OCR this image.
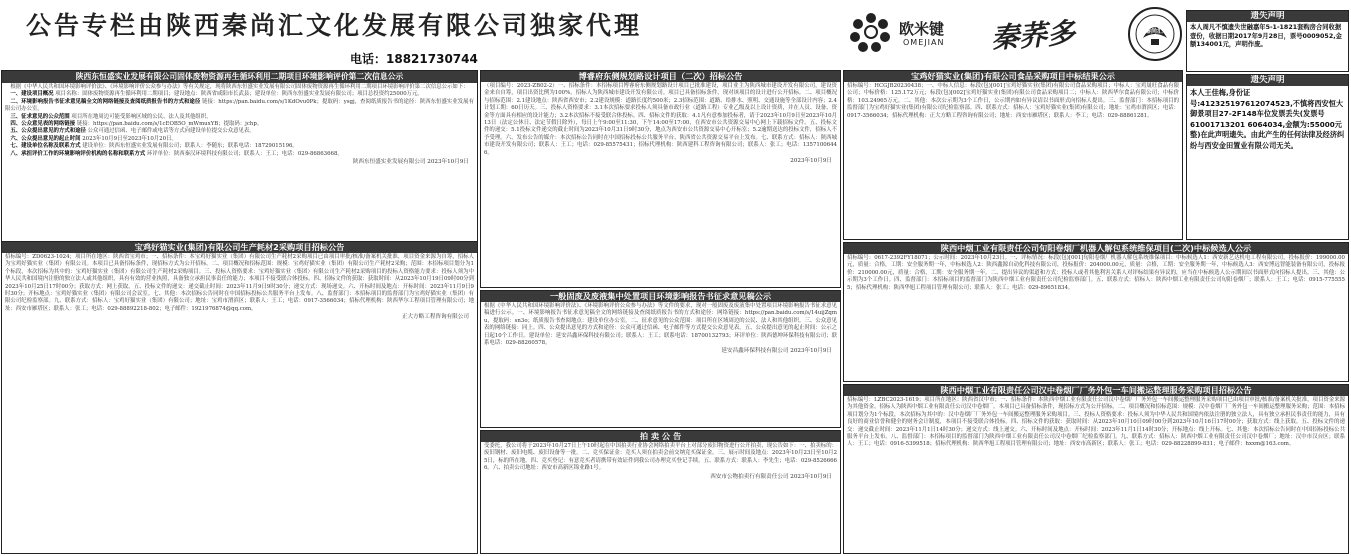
公告专栏由陕西秦尚汇文化发展有限公司独家代理
电话：18821730744
欧米键
OMEJIAN 秦荞多	秦尚汇
陕西东恒盛实业发展有限公司固体废物资源再生循环利用二期项目环境影响评价第二次信息公示

根据《中华人民共和国环境影响评价法》、《环境影响评价公众参与办法》等有关规定，现将陕西东恒盛实业发展有限公司固体废物资源再生循环利用二期项目环境影响评价第二次信息公示如下：

一、建设项目概况 项目名称：固体废物资源再生循环利用二期项目；建设地点：陕西省咸阳市长武县；建设单位：陕西东恒盛实业发展有限公司；项目总投资约25000万元。

二、环境影响报告书征求意见稿全文的网络链接及查阅纸质报告书的方式和途径 链接：https://pan.baidu.com/s/1KdOvu0Pk；提取码：ysgj，查阅纸质报告书的途径：陕西东恒盛实业发展有限公司办公室。

三、征求意见的公众范围 项目所在地周边可能受影响区域的公民、法人及其他组织。

四、公众意见表的网络链接 链接：https://pan.baidu.com/s/1cEOB5O_mWmuxYB；提取码：jchp。

五、公众提出意见的方式和途径 公众可通过信函、电子邮件或电话等方式向建设单位提交公众意见表。

六、公众提出意见的起止时间 2023年10月9日至2023年10月20日。

七、建设单位名称及联系方式 建设单位：陕西东恒盛实业发展有限公司；联系人：李随东；联系电话：18729015196。

八、承担评价工作的环境影响评价机构的名称和联系方式 环评单位：陕西秦汉环境科技有限公司；联系人：王工；电话：029-86863668。

陕西东恒盛实业发展有限公司 2023年10月9日
宝鸡好猫实业(集团)有限公司生产耗材2采购项目招标公告
招标编号：ZD0623-1024；项目所在地区：陕西省宝鸡市；一、招标条件：本宝鸡好猫实业（集团）有限公司生产耗材2采购项目已由项目审批/核准/备案机关批准，项目资金来源为自筹，招标人为宝鸡好猫实业（集团）有限公司。本项目已具备招标条件，现招标方式为公开招标。二、项目概况和招标范围：规模：宝鸡好猫实业（集团）有限公司生产耗材2采购；范围：本招标项目划分为1个标段，本次招标为其中的：宝鸡好猫实业（集团）有限公司生产耗材2采购项目。三、投标人资格要求：宝鸡好猫实业（集团）有限公司生产耗材2采购项目的投标人资格能力要求：投标人须为中华人民共和国境内注册的独立法人或其他组织，具有有效的营业执照，具备独立承担民事责任的能力；本项目不接受联合体投标。四、招标文件的获取：获取时间：从2023年10月19日09时00分到2023年10月25日17时00分；获取方式：网上获取。五、投标文件的递交：递交截止时间：2023年11月9日9时30分；递交方式：现场递交。六、开标时间及地点：开标时间：2023年11月9日9时30分；开标地点：宝鸡好猫实业（集团）有限公司会议室。七、其他：本次招标公告同时在中国招标投标公共服务平台上发布。八、监督部门：本招标项目的监督部门为宝鸡好猫实业（集团）有限公司纪检监察部。九、联系方式：招标人：宝鸡好猫实业（集团）有限公司；地址：宝鸡市渭滨区；联系人：王工；电话：0917-3566034；招标代理机构：陕西华尔工程项目管理有限公司；地址：西安市雁塔区；联系人：张工；电话：029-88892218-802；电子邮件：1921976874@qq.com。
正大方略工程咨询有限公司
博睿府东侧规划路设计项目（二次）招标公告
（项目编号：2023-ZB02-2）一、招标条件：本招标项目博睿府东侧规划路设计项目已批准建设，项目业主为陕西城市建设开发有限公司，建设资金来自自筹，项目出资比例为100%。招标人为陕西城市建设开发有限公司。项目已具备招标条件，现对该项目的设计进行公开招标。二、项目概况与招标范围：2.1建设地点：陕西省西安市；2.2建设规模：道路长度约500米；2.3招标范围：道路、给排水、照明、交通设施等全部设计内容；2.4计划工期：60日历天。三、投标人资格要求：3.1本次招标要求投标人须具备市政行业（道路工程）专业乙级及以上设计资质，并在人员、设备、资金等方面具有相应的设计能力；3.2本次招标不接受联合体投标。四、招标文件的获取：4.1凡有意参加投标者，请于2023年10月9日至2023年10月13日（法定公休日、法定节假日除外），每日上午9:00至11:30，下午14:00至17:00，在西安市公共资源交易中心网上下载招标文件。五、投标文件的递交：5.1投标文件递交的截止时间为2023年10月31日9时30分，地点为西安市公共资源交易中心开标室；5.2逾期送达的投标文件，招标人不予受理。六、发布公告的媒介：本次招标公告同时在中国招标投标公共服务平台、陕西省公共资源交易平台上发布。七、联系方式：招标人：陕西城市建设开发有限公司；联系人：王工；电话：029-85575431；招标代理机构：陕西建科工程咨询有限公司；联系人：张工；电话：13571006446。
2023年10月9日
一般固废及废液集中处置项目环境影响报告书征求意见稿公示
根据《中华人民共和国环境影响评价法》、《环境影响评价公众参与办法》等文件的要求，现对一般固废及废液集中处置项目环境影响报告书征求意见稿进行公示。一、环境影响报告书征求意见稿全文的网络链接及查阅纸质报告书的方式和途径：网络链接：https://pan.baidu.com/s/14uijZqmu，提取码：sn3o；纸质报告书查阅地点：建设单位办公室。二、征求意见的公众范围：项目所在区域周边的公民、法人和其他组织。三、公众意见表的网络链接：同上。四、公众提出意见的方式和途径：公众可通过信函、电子邮件等方式提交公众意见表。五、公众提出意见的起止时间：公示之日起10个工作日。建设单位：延安昌鑫环保科技有限公司；联系人：王工；联系电话：18700132793；环评单位：陕西德坤环保科技有限公司；联系电话：029-88260578。
延安昌鑫环保科技有限公司 2023年10月9日
拍 卖 公 告
受委托，我公司将于2023年10月27日上午10时起在中国拍卖行业协会网络拍卖平台上对部分废旧物资进行公开拍卖，现公告如下：一、拍卖标的：废旧钢材、废旧电缆、废旧设备等一批。二、竞买保证金：竞买人须在拍卖会前交纳竞买保证金。三、展示时间及地点：2023年10月23日至10月25日，标的所在地。四、竞买登记：有意竞买者请携带有效证件到我公司办理竞买登记手续。五、联系方式：联系人：李先生；电话：029-85266666。六、拍卖公司地址：西安市高新区锦业路1号。
西安市公物拍卖行有限责任公司 2023年10月9日
宝鸡好猫实业(集团)有限公司食品采购项目中标结果公示
招标编号：HCGJB20230438；一、中标人信息：标段(包)[001]宝鸡好猫实业(集团)有限公司食品采购项目；中标人：宝鸡晟旺食品有限公司；中标价格：125.172万元；标段(包)[002]宝鸡好猫实业(集团)有限公司食品采购项目二；中标人：陕西华尔食品有限公司；中标价格：103.24965万元。二、其他：本次公示期为3个工作日，公示期内如有异议请以书面形式向招标人提出。三、监督部门：本招标项目的监督部门为宝鸡好猫实业(集团)有限公司纪检监察部。四、联系方式：招标人：宝鸡好猫实业(集团)有限公司；地址：宝鸡市渭滨区；电话：0917-3566034；招标代理机构：正大方略工程咨询有限公司；地址：西安市雁塔区；联系人：李工；电话：029-88861281。
陕西中烟工业有限责任公司旬阳卷烟厂机器人解包系统维保项目(二次)中标候选人公示
招标编号：0617-2392FY18071；公示时间：2023年10月23日。一、评标情况：标段(包)[001]旬阳卷烟厂机器人解包系统维保项目：中标候选人1：西安新艺达机电工程有限公司，投标报价：199000.00元，质量：合格，工期：安全服务期一年，中标候选人2：陕西鑫源自动化科技有限公司，投标报价：204000.00元，质量：合格，工期：安全服务期一年，中标候选人3：西安博远智能装备有限公司，投标报价：210000.00元，质量：合格，工期：安全服务期一年。二、提出异议的渠道和方式：投标人或者其他利害关系人对评标结果有异议的，应当在中标候选人公示期间以书面形式向招标人提出。三、其他：公示期为3个工作日。四、监督部门：本招标项目的监督部门为陕西中烟工业有限责任公司纪检监察部门。五、联系方式：招标人：陕西中烟工业有限责任公司旬阳卷烟厂；联系人：王工；电话：0915-7755555；招标代理机构：陕西华旭工程项目管理有限公司；联系人：张工；电话：029-89651834。
陕西中烟工业有限责任公司汉中卷烟厂厂务外包一车间搬运整理服务采购项目招标公告
招标编号：LZBC2023-1619；项目所在地区：陕西省汉中市；一、招标条件：本陕西中烟工业有限责任公司汉中卷烟厂厂务外包一车间搬运整理服务采购项目已由项目审批/核准/备案机关批准，项目资金来源为其他资金，招标人为陕西中烟工业有限责任公司汉中卷烟厂。本项目已具备招标条件，现招标方式为公开招标。二、项目概况和招标范围：规模：汉中卷烟厂厂务外包一车间搬运整理服务采购；范围：本招标项目划分为1个标段，本次招标为其中的：汉中卷烟厂厂务外包一车间搬运整理服务采购项目。三、投标人资格要求：投标人须为中华人民共和国境内依法注册的独立法人，具有独立承担民事责任的能力，具有良好的商业信誉和健全的财务会计制度，本项目不接受联合体投标。四、招标文件的获取：获取时间：从2023年10月10日09时00分到2023年10月16日17时00分；获取方式：线上获取。五、投标文件的递交：递交截止时间：2023年11月1日14时30分；递交方式：线上递交。六、开标时间及地点：开标时间：2023年11月1日14时30分；开标地点：线上开标。七、其他：本次招标公告同时在中国招标投标公共服务平台上发布。八、监督部门：本招标项目的监督部门为陕西中烟工业有限责任公司汉中卷烟厂纪检监察部门。九、联系方式：招标人：陕西中烟工业有限责任公司汉中卷烟厂；地址：汉中市汉台区；联系人：王工；电话：0916-5399518；招标代理机构：陕西华旭工程项目管理有限公司；地址：西安市高新区；联系人：张工；电话：029-88228899-831；电子邮件：hxxm@163.com。
遗失声明
本人周凡不慎遗失世融嘉年5-1-1821套购房合同收据壹份，收据日期2017年9月28日，票号0009052,金额134001元，声明作废。
遗失声明
本人王佳梅,身份证号:412325197612074523,不慎将西安恒大御景项目27-2F148车位发票丢失(发票号61001713201 6064034,金额为:55000元整)在此声明遗失。由此产生的任何法律及经济纠纷与西安金田置业有限公司无关。
